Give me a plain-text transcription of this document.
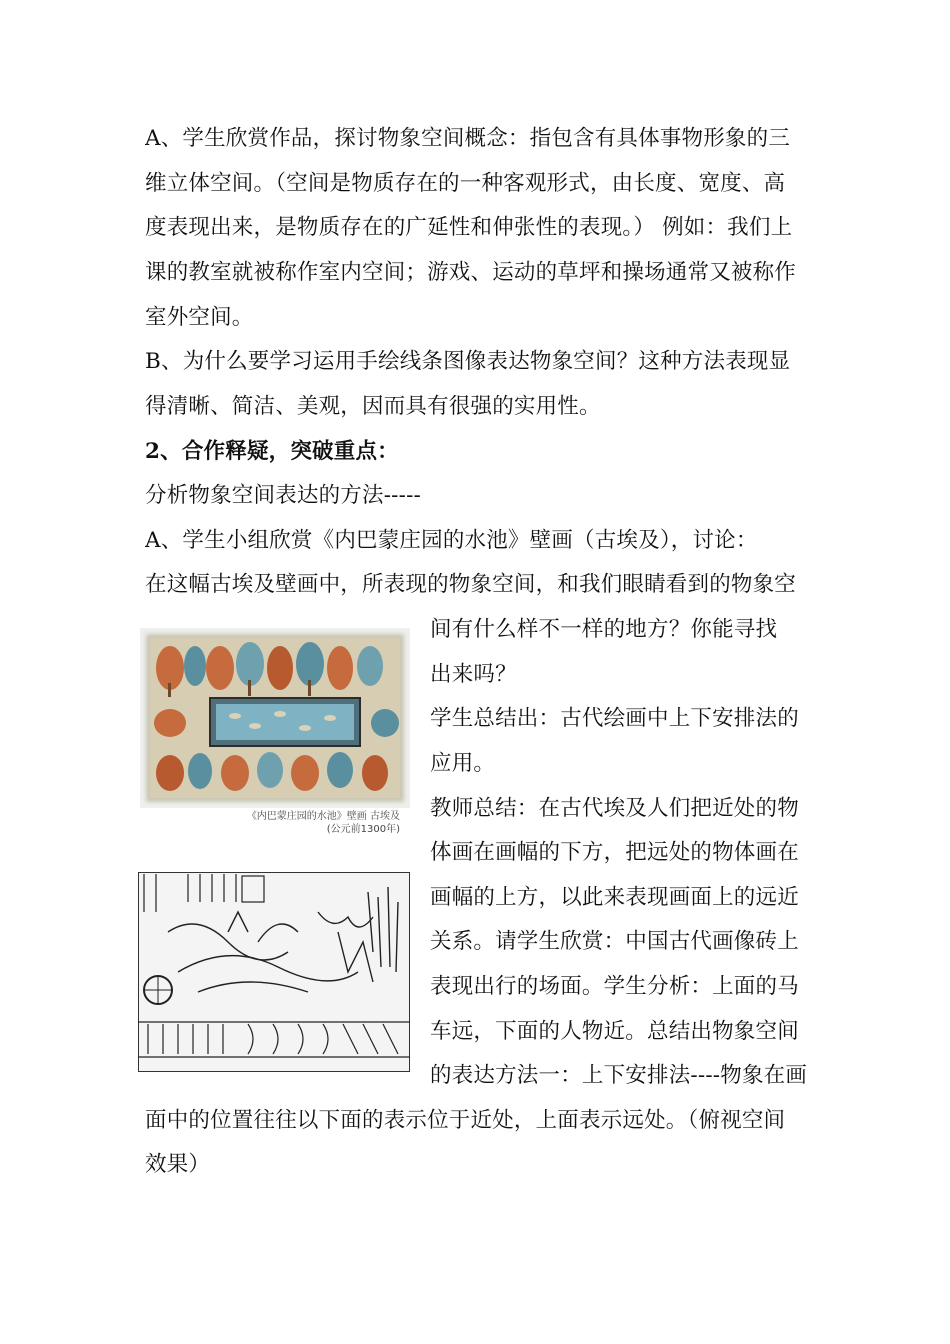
A、学生欣赏作品，探讨物象空间概念：指包含有具体事物形象的三
维立体空间。（空间是物质存在的一种客观形式，由长度、宽度、高
度表现出来，是物质存在的广延性和伸张性的表现。） 例如：我们上
课的教室就被称作室内空间；游戏、运动的草坪和操场通常又被称作
室外空间。
B、为什么要学习运用手绘线条图像表达物象空间？这种方法表现显
得清晰、简洁、美观，因而具有很强的实用性。
2、合作释疑，突破重点：
分析物象空间表达的方法-----
A、学生小组欣赏《内巴蒙庄园的水池》壁画（古埃及），讨论：
在这幅古埃及壁画中，所表现的物象空间，和我们眼睛看到的物象空
间有什么样不一样的地方？你能寻找
出来吗？
学生总结出：古代绘画中上下安排法的
应用。
教师总结：在古代埃及人们把近处的物
体画在画幅的下方，把远处的物体画在
画幅的上方，以此来表现画面上的远近
关系。请学生欣赏：中国古代画像砖上
表现出行的场面。学生分析：上面的马
车远，下面的人物近。总结出物象空间
的表达方法一：上下安排法----物象在画
面中的位置往往以下面的表示位于近处，上面表示远处。（俯视空间
效果）
《内巴蒙庄园的水池》壁画 古埃及
(公元前1300年)
